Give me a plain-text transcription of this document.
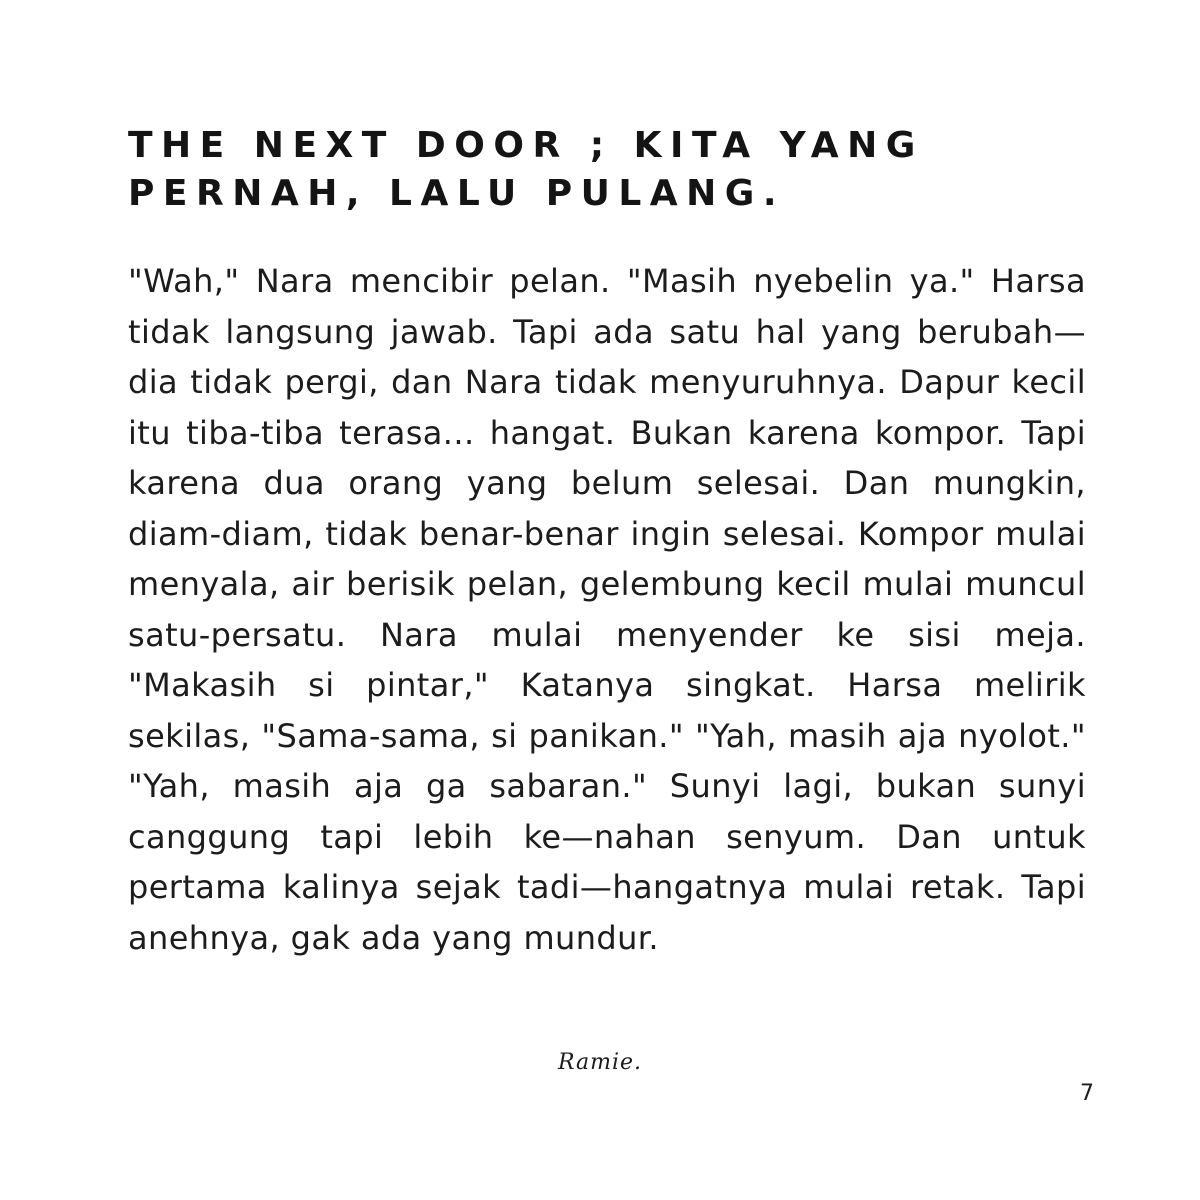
THE NEXT DOOR ; KITA YANG
PERNAH, LALU PULANG.

"Wah," Nara mencibir pelan. "Masih nyebelin ya." Harsa tidak langsung jawab. Tapi ada satu hal yang berubah—dia tidak pergi, dan Nara tidak menyuruhnya. Dapur kecil itu tiba-tiba terasa... hangat. Bukan karena kompor. Tapi karena dua orang yang belum selesai. Dan mungkin, diam-diam, tidak benar-benar ingin selesai. Kompor mulai menyala, air berisik pelan, gelembung kecil mulai muncul satu-persatu. Nara mulai menyender ke sisi meja. "Makasih si pintar," Katanya singkat. Harsa melirik sekilas, "Sama-sama, si panikan." "Yah, masih aja nyolot." "Yah, masih aja ga sabaran." Sunyi lagi, bukan sunyi canggung tapi lebih ke—nahan senyum. Dan untuk pertama kalinya sejak tadi—hangatnya mulai retak. Tapi anehnya, gak ada yang mundur.

Ramie.
7
